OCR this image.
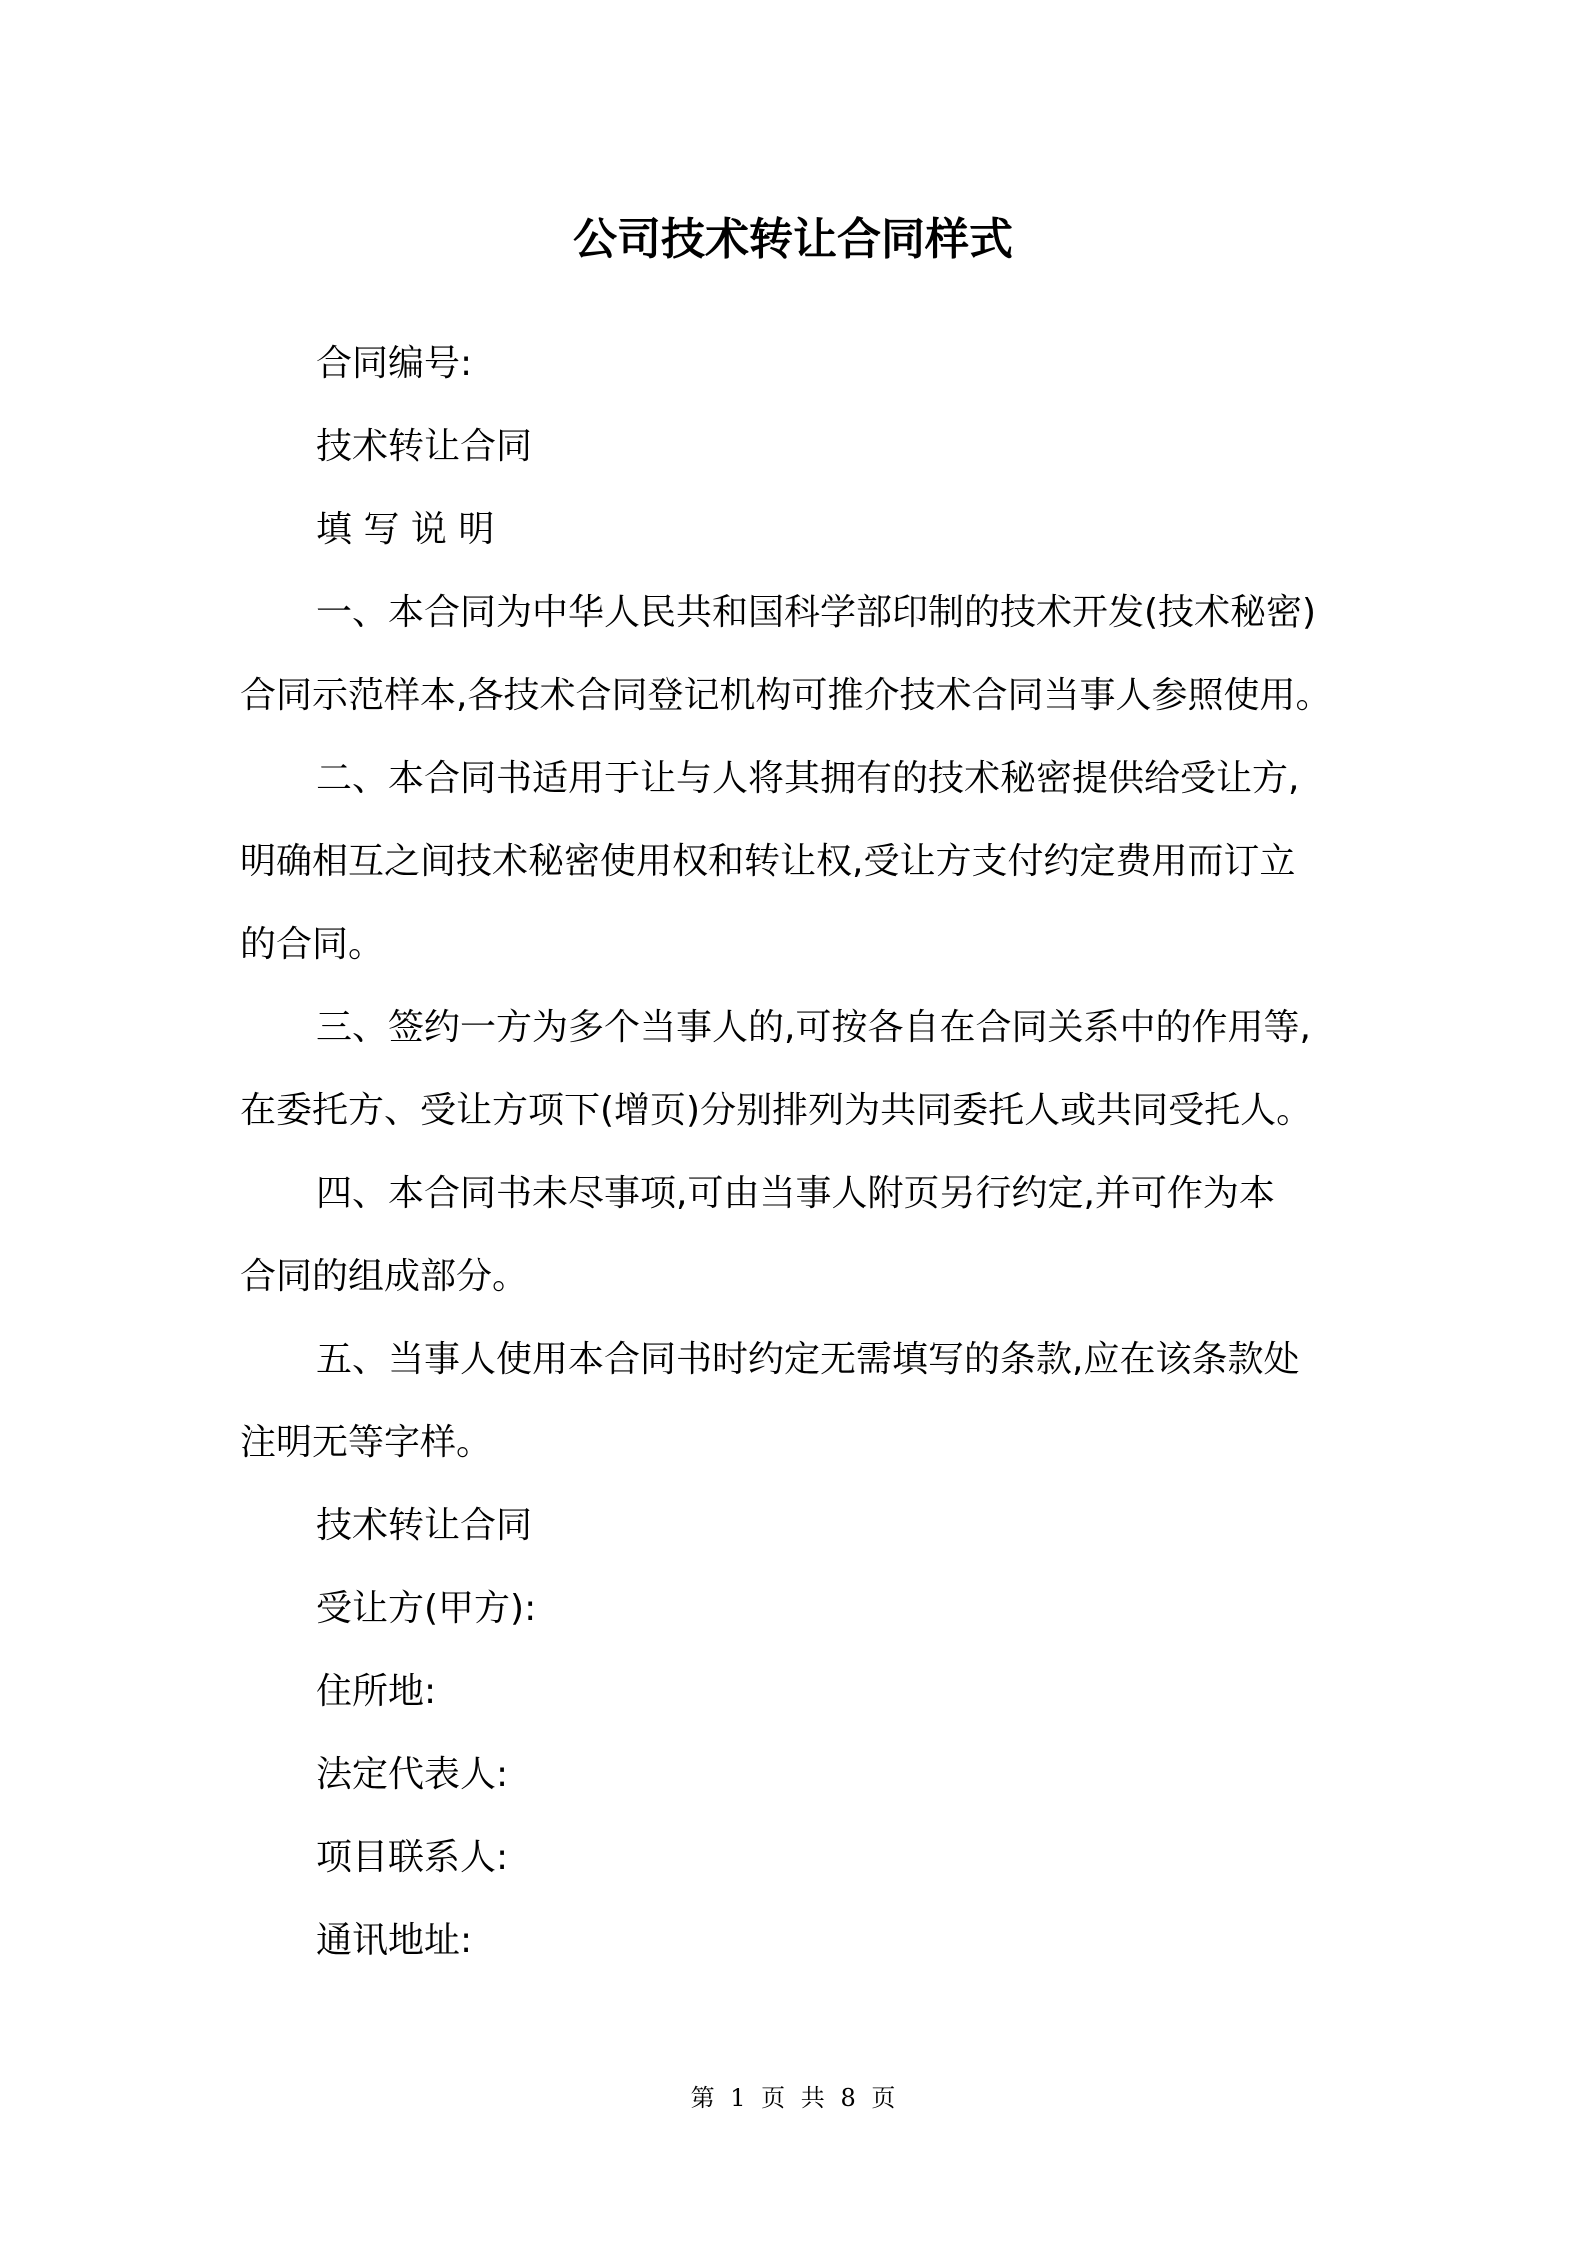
公司技术转让合同样式

合同编号:

技术转让合同

填 写 说 明

一、本合同为中华人民共和国科学部印制的技术开发(技术秘密)

合同示范样本,各技术合同登记机构可推介技术合同当事人参照使用。

二、本合同书适用于让与人将其拥有的技术秘密提供给受让方,

明确相互之间技术秘密使用权和转让权,受让方支付约定费用而订立

的合同。

三、签约一方为多个当事人的,可按各自在合同关系中的作用等,

在委托方、受让方项下(增页)分别排列为共同委托人或共同受托人。

四、本合同书未尽事项,可由当事人附页另行约定,并可作为本

合同的组成部分。

五、当事人使用本合同书时约定无需填写的条款,应在该条款处

注明无等字样。

技术转让合同

受让方(甲方):

住所地:

法定代表人:

项目联系人:

通讯地址:

第 1 页 共 8 页
